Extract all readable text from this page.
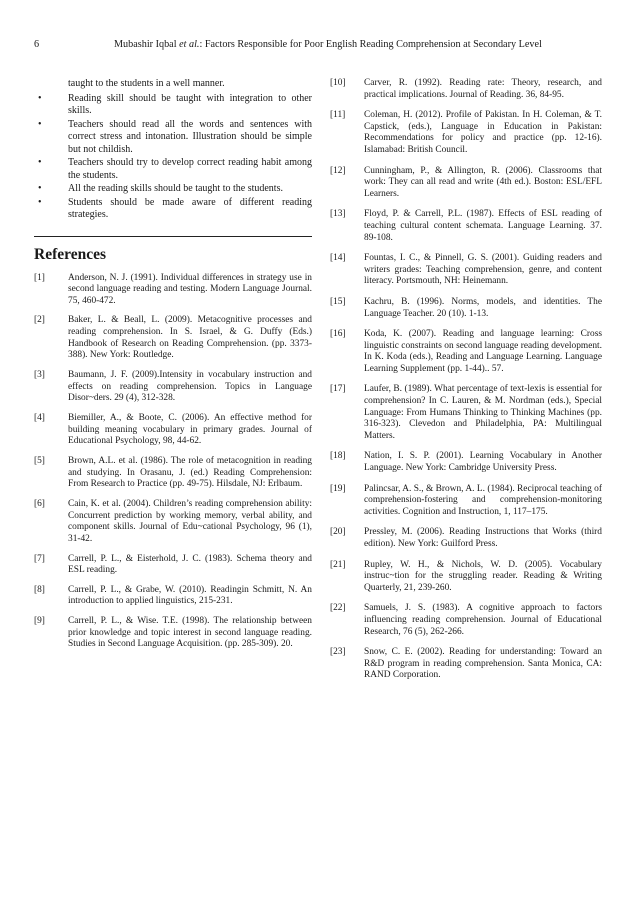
6	Mubashir Iqbal et al.: Factors Responsible for Poor English Reading Comprehension at Secondary Level
taught to the students in a well manner.
•	Reading skill should be taught with integration to other skills.
•	Teachers should read all the words and sentences with correct stress and intonation. Illustration should be simple but not childish.
•	Teachers should try to develop correct reading habit among the students.
•	All the reading skills should be taught to the students.
•	Students should be made aware of different reading strategies.
References
[1] Anderson, N. J. (1991). Individual differences in strategy use in second language reading and testing. Modern Language Journal. 75, 460-472.
[2] Baker, L. & Beall, L. (2009). Metacognitive processes and reading comprehension. In S. Israel, & G. Duffy (Eds.) Handbook of Research on Reading Comprehension. (pp. 3373-388). New York: Routledge.
[3] Baumann, J. F. (2009).Intensity in vocabulary instruction and effects on reading comprehension. Topics in Language Disor~ders. 29 (4), 312-328.
[4] Biemiller, A., & Boote, C. (2006). An effective method for building meaning vocabulary in primary grades. Journal of Educational Psychology, 98, 44-62.
[5] Brown, A.L. et al. (1986). The role of metacognition in reading and studying. In Orasanu, J. (ed.) Reading Comprehension: From Research to Practice (pp. 49-75). Hilsdale, NJ: Erlbaum.
[6] Cain, K. et al. (2004). Children’s reading comprehension ability: Concurrent prediction by working memory, verbal ability, and component skills. Journal of Edu~cational Psychology, 96 (1), 31-42.
[7] Carrell, P. L., & Eisterhold, J. C. (1983). Schema theory and ESL reading.
[8] Carrell, P. L., & Grabe, W. (2010). Readingin Schmitt, N. An introduction to applied linguistics, 215-231.
[9] Carrell, P. L., & Wise. T.E. (1998). The relationship between prior knowledge and topic interest in second language reading. Studies in Second Language Acquisition. (pp. 285-309). 20.
[10] Carver, R. (1992). Reading rate: Theory, research, and practical implications. Journal of Reading. 36, 84-95.
[11] Coleman, H. (2012). Profile of Pakistan. In H. Coleman, & T. Capstick, (eds.), Language in Education in Pakistan: Recommendations for policy and practice (pp. 12-16). Islamabad: British Council.
[12] Cunningham, P., & Allington, R. (2006). Classrooms that work: They can all read and write (4th ed.). Boston: ESL/EFL Learners.
[13] Floyd, P. & Carrell, P.L. (1987). Effects of ESL reading of teaching cultural content schemata. Language Learning. 37. 89-108.
[14] Fountas, I. C., & Pinnell, G. S. (2001). Guiding readers and writers grades: Teaching comprehension, genre, and content literacy. Portsmouth, NH: Heinemann.
[15] Kachru, B. (1996). Norms, models, and identities. The Language Teacher. 20 (10). 1-13.
[16] Koda, K. (2007). Reading and language learning: Cross linguistic constraints on second language reading development. In K. Koda (eds.), Reading and Language Learning. Language Learning Supplement (pp. 1-44).. 57.
[17] Laufer, B. (1989). What percentage of text-lexis is essential for comprehension? In C. Lauren, & M. Nordman (eds.), Special Language: From Humans Thinking to Thinking Machines (pp. 316-323). Clevedon and Philadelphia, PA: Multilingual Matters.
[18] Nation, I. S. P. (2001). Learning Vocabulary in Another Language. New York: Cambridge University Press.
[19] Palincsar, A. S., & Brown, A. L. (1984). Reciprocal teaching of comprehension-fostering and comprehension-monitoring activities. Cognition and Instruction, 1, 117–175.
[20] Pressley, M. (2006). Reading Instructions that Works (third edition). New York: Guilford Press.
[21] Rupley, W. H., & Nichols, W. D. (2005). Vocabulary instruc~tion for the struggling reader. Reading & Writing Quarterly, 21, 239-260.
[22] Samuels, J. S. (1983). A cognitive approach to factors influencing reading comprehension. Journal of Educational Research, 76 (5), 262-266.
[23] Snow, C. E. (2002). Reading for understanding: Toward an R&D program in reading comprehension. Santa Monica, CA: RAND Corporation.
